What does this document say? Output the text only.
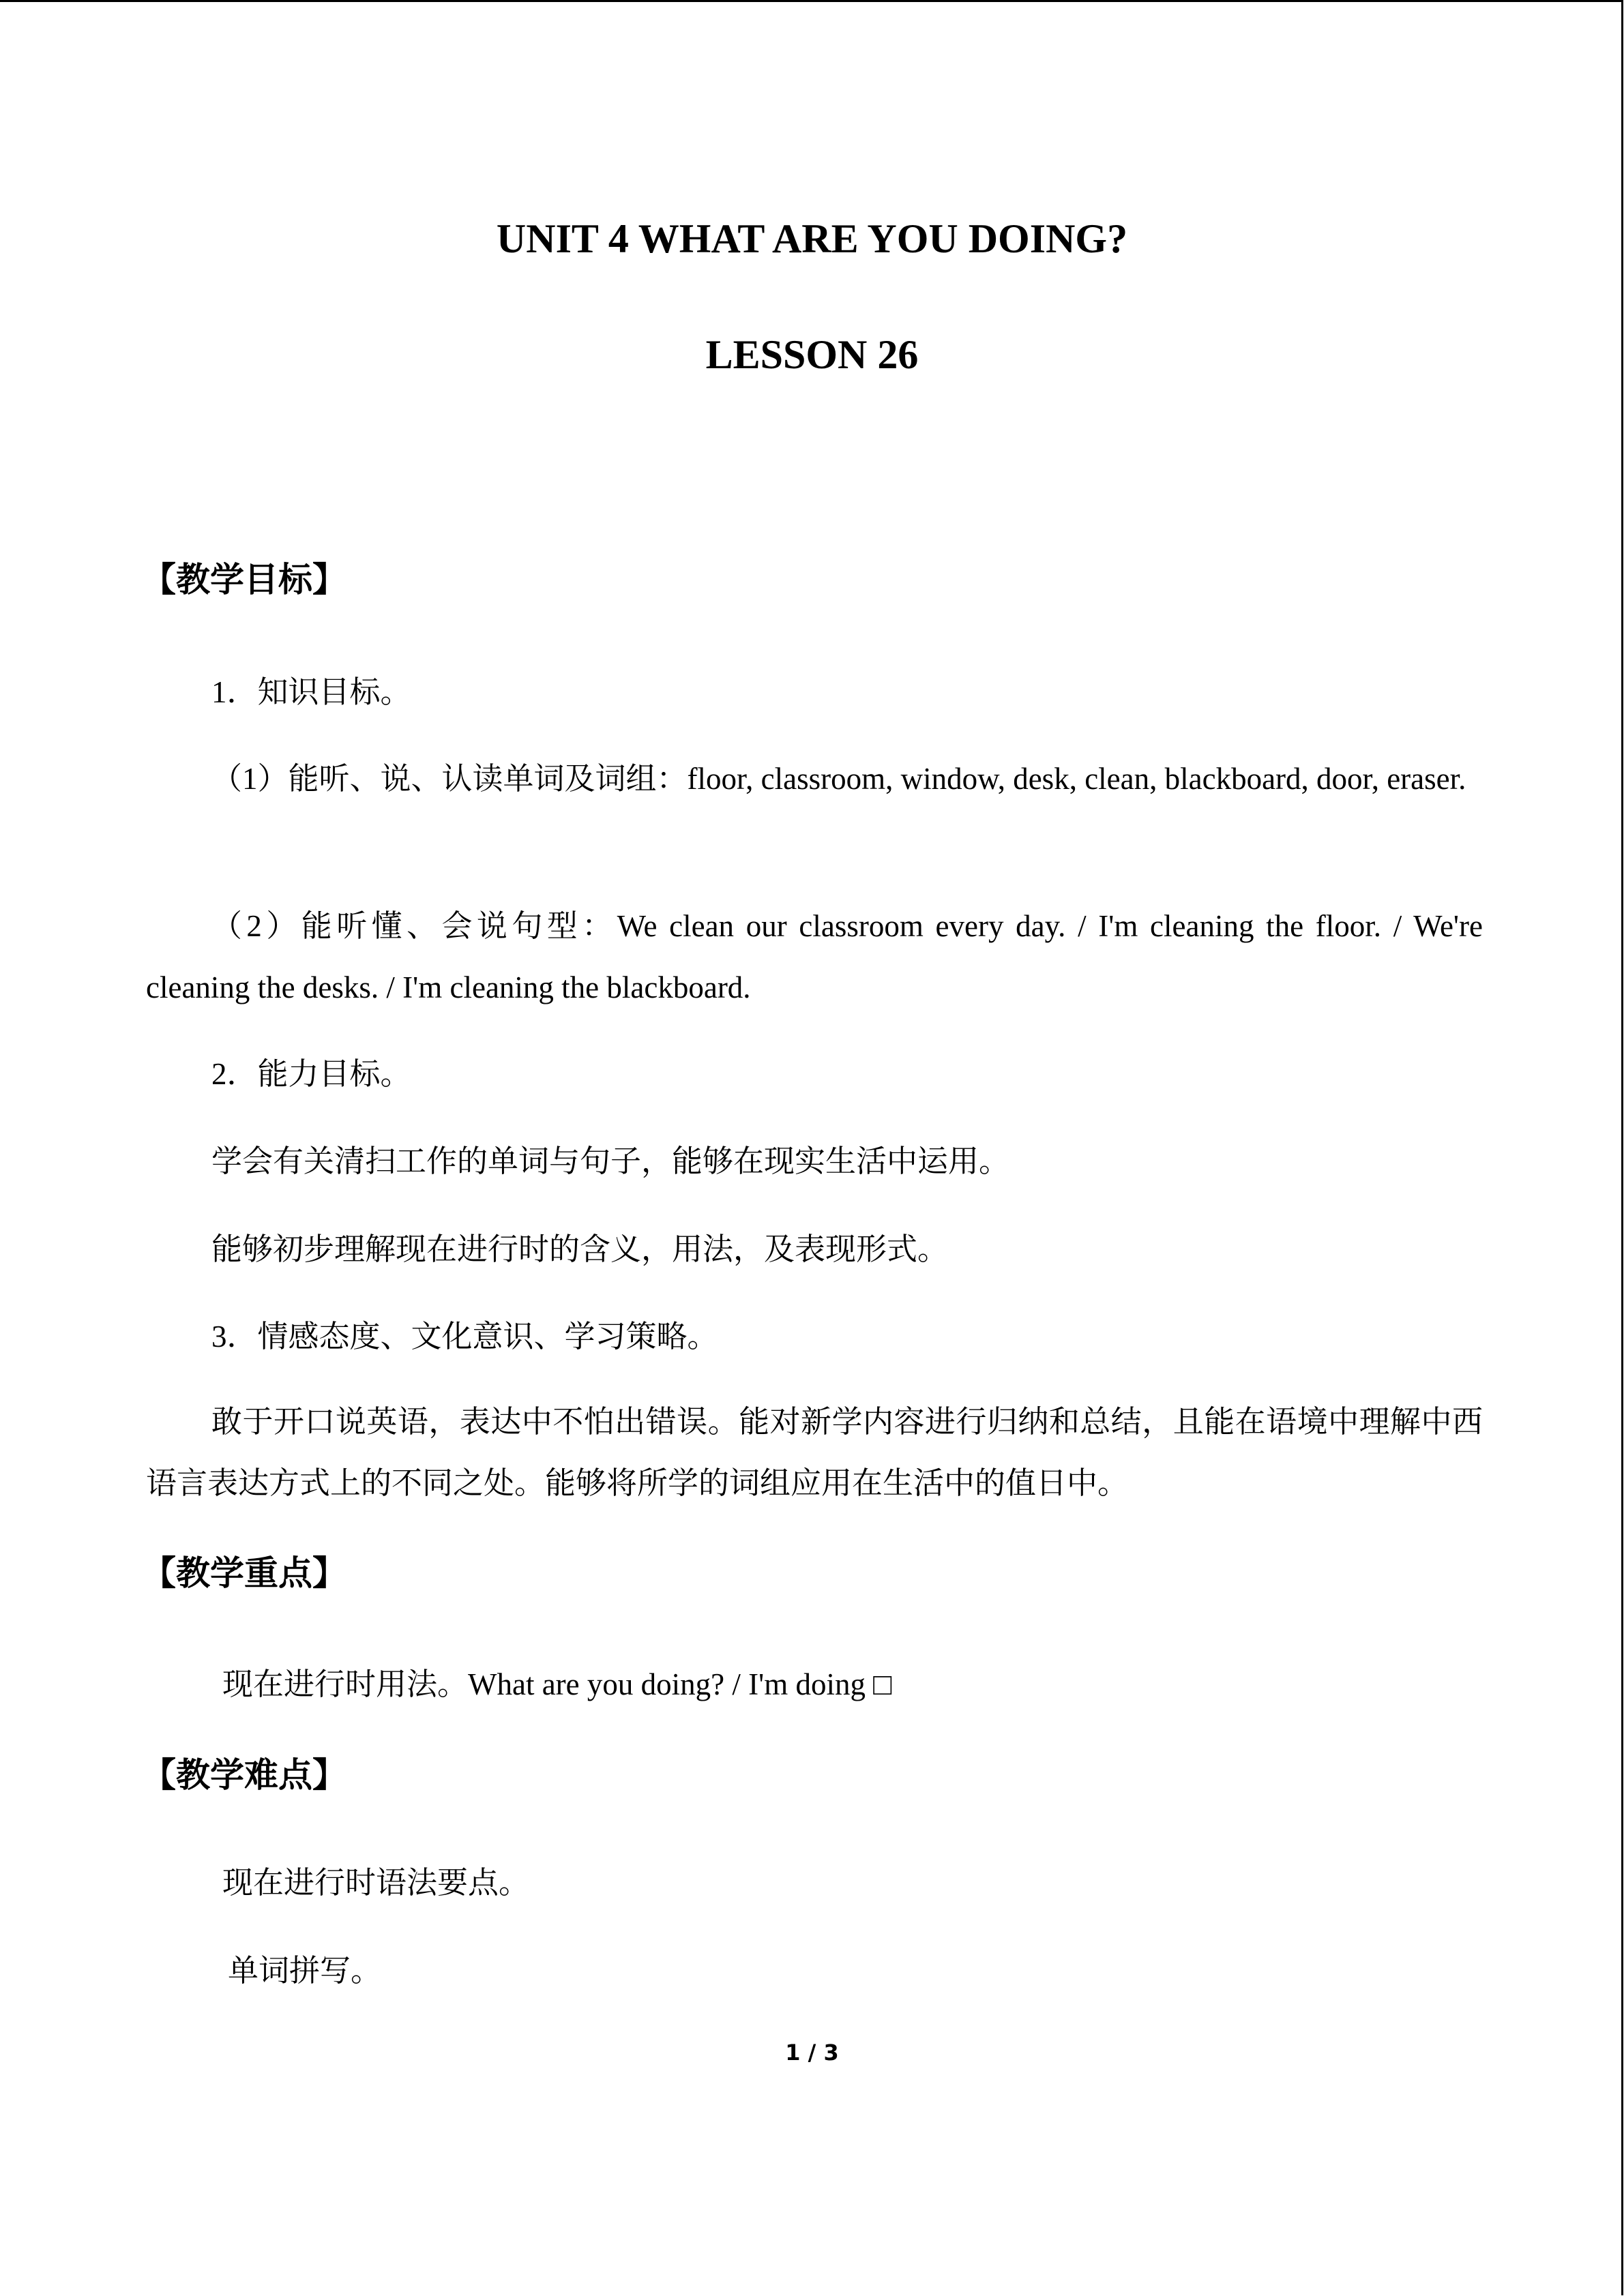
UNIT 4 WHAT ARE YOU DOING?
LESSON 26
【教学目标】
1．知识目标。
（1）能听、说、认读单词及词组：floor, classroom, window, desk, clean, blackboard, door, eraser.
（2）能听懂、会说句型：We clean our classroom every day. / I'm cleaning the floor. / We're cleaning the desks. / I'm cleaning the blackboard.
2．能力目标。
学会有关清扫工作的单词与句子，能够在现实生活中运用。
能够初步理解现在进行时的含义，用法，及表现形式。
3．情感态度、文化意识、学习策略。
敢于开口说英语，表达中不怕出错误。能对新学内容进行归纳和总结，且能在语境中理解中西语言表达方式上的不同之处。能够将所学的词组应用在生活中的值日中。
【教学重点】
现在进行时用法。What are you doing? / I'm doing □
【教学难点】
现在进行时语法要点。
单词拼写。
1 / 3
